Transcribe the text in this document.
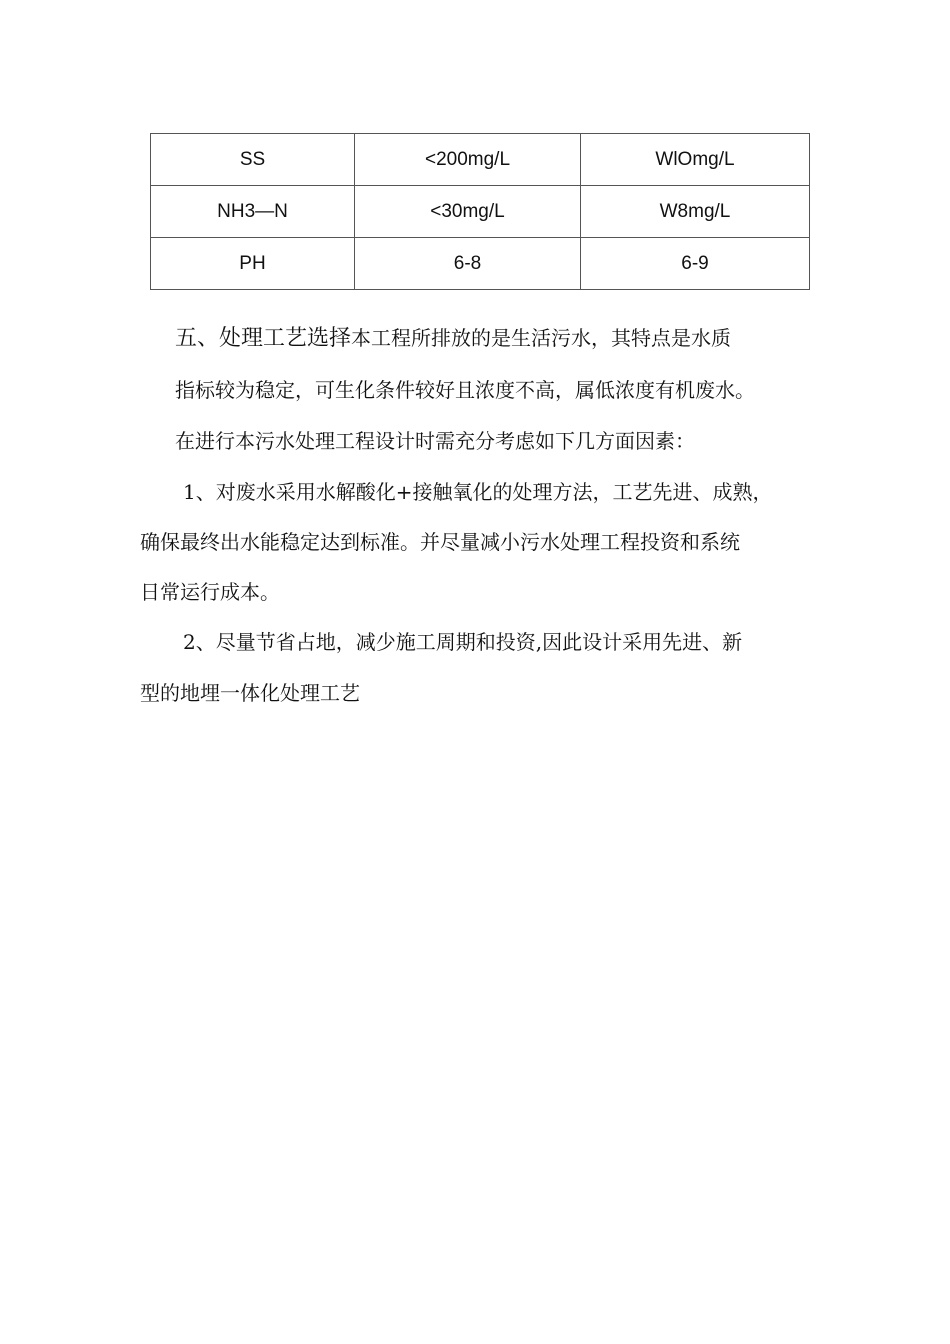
SS	<200mg/L	WlOmg/L
NH3—N	<30mg/L	W8mg/L
PH	6-8	6-9

五、处理工艺选择本工程所排放的是生活污水，其特点是水质

指标较为稳定，可生化条件较好且浓度不高，属低浓度有机废水。

在进行本污水处理工程设计时需充分考虑如下几方面因素：

1、对废水采用水解酸化+接触氧化的处理方法，工艺先进、成熟，

确保最终出水能稳定达到标准。并尽量减小污水处理工程投资和系统

日常运行成本。

2、尽量节省占地，减少施工周期和投资,因此设计采用先进、新

型的地埋一体化处理工艺
